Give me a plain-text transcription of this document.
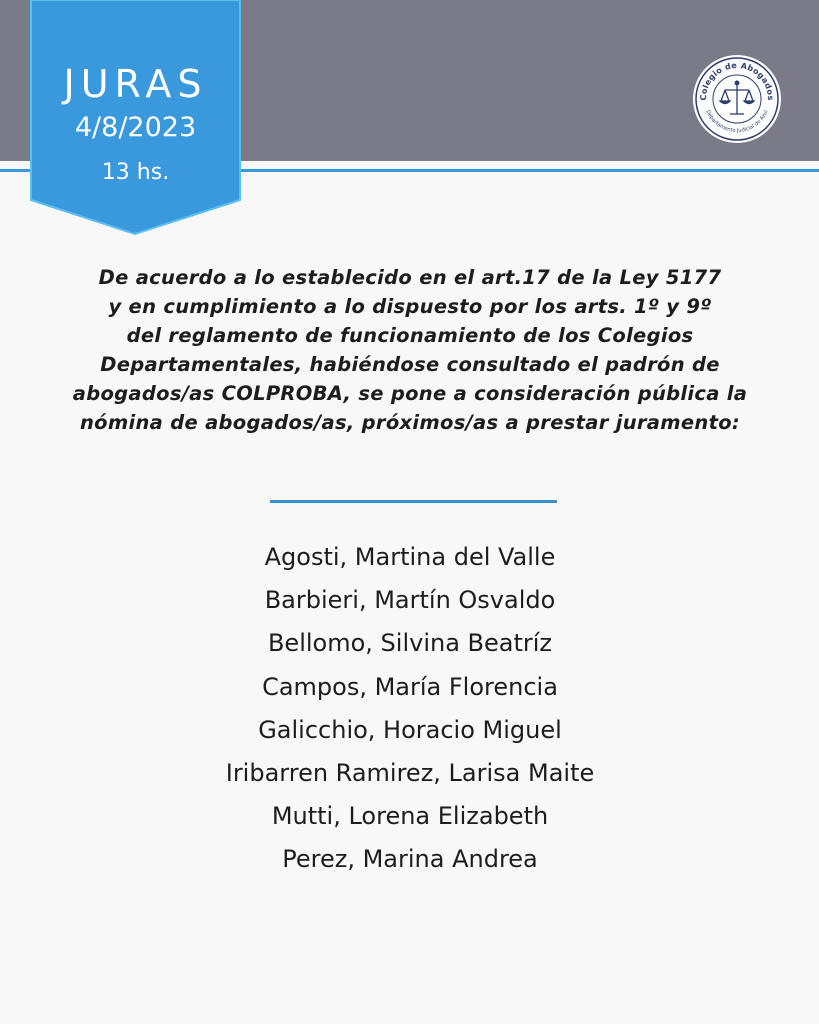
JURAS
4/8/2023
13 hs.
Colegio de Abogados
Departamento Judicial de Azul
De acuerdo a lo establecido en el art.17 de la Ley 5177
y en cumplimiento a lo dispuesto por los arts. 1º y 9º
del reglamento de funcionamiento de los Colegios
Departamentales, habiéndose consultado el padrón de
abogados/as COLPROBA, se pone a consideración pública la
nómina de abogados/as, próximos/as a prestar juramento:
Agosti, Martina del Valle
Barbieri, Martín Osvaldo
Bellomo, Silvina Beatríz
Campos, María Florencia
Galicchio, Horacio Miguel
Iribarren Ramirez, Larisa Maite
Mutti, Lorena Elizabeth
Perez, Marina Andrea
